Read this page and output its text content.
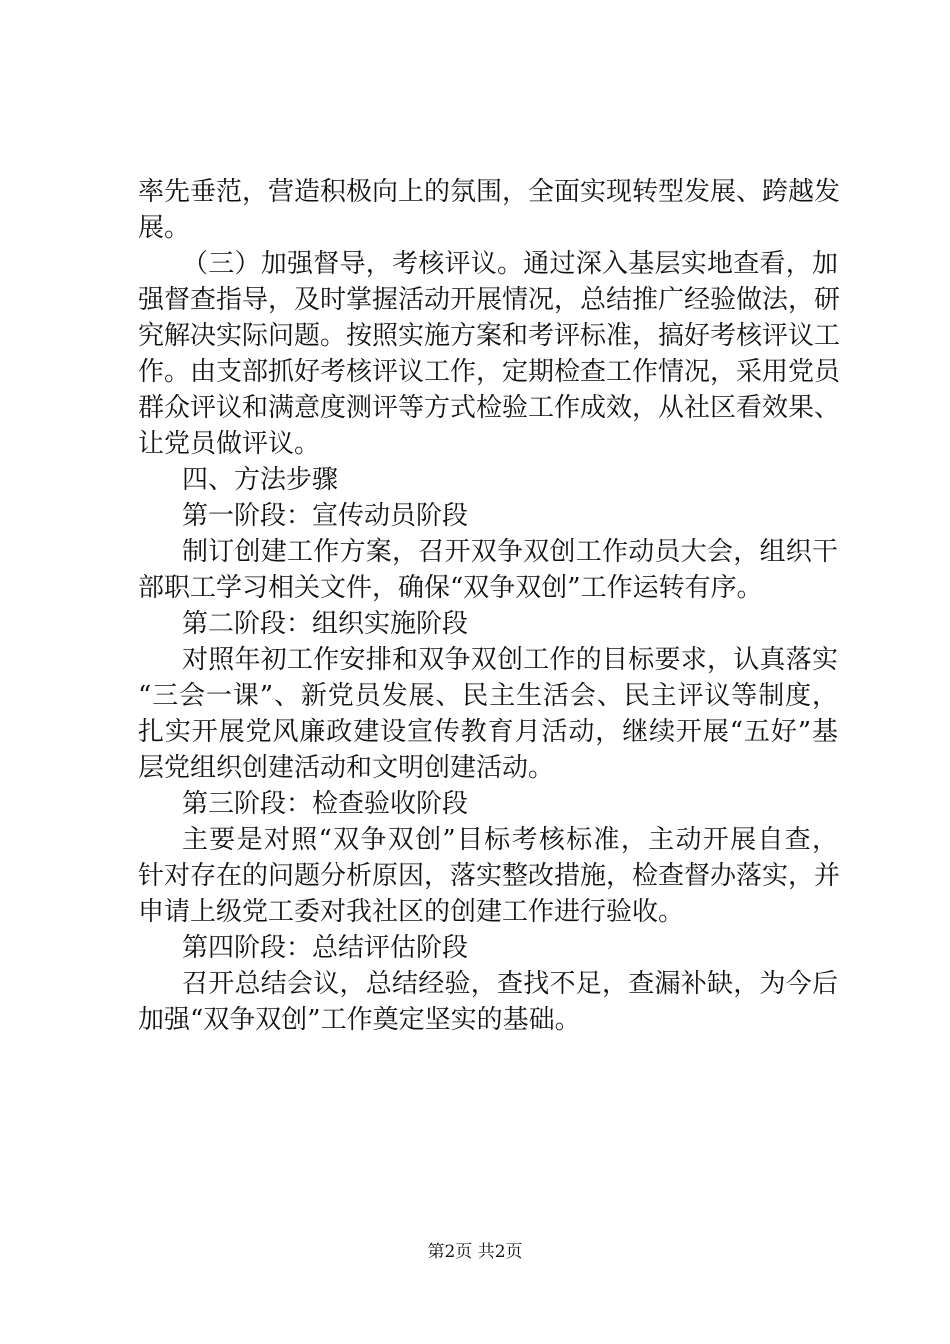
率先垂范，营造积极向上的氛围，全面实现转型发展、跨越发
展。
（三）加强督导，考核评议。通过深入基层实地查看，加
强督查指导，及时掌握活动开展情况，总结推广经验做法，研
究解决实际问题。按照实施方案和考评标准，搞好考核评议工
作。由支部抓好考核评议工作，定期检查工作情况，采用党员
群众评议和满意度测评等方式检验工作成效，从社区看效果、
让党员做评议。
四、方法步骤
第一阶段：宣传动员阶段
制订创建工作方案，召开双争双创工作动员大会，组织干
部职工学习相关文件，确保“双争双创”工作运转有序。
第二阶段：组织实施阶段
对照年初工作安排和双争双创工作的目标要求，认真落实
“三会一课”、新党员发展、民主生活会、民主评议等制度，
扎实开展党风廉政建设宣传教育月活动，继续开展“五好”基
层党组织创建活动和文明创建活动。
第三阶段：检查验收阶段
主要是对照“双争双创”目标考核标准，主动开展自查，
针对存在的问题分析原因，落实整改措施，检查督办落实，并
申请上级党工委对我社区的创建工作进行验收。
第四阶段：总结评估阶段
召开总结会议，总结经验，查找不足，查漏补缺，为今后
加强“双争双创”工作奠定坚实的基础。
第2页 共2页
